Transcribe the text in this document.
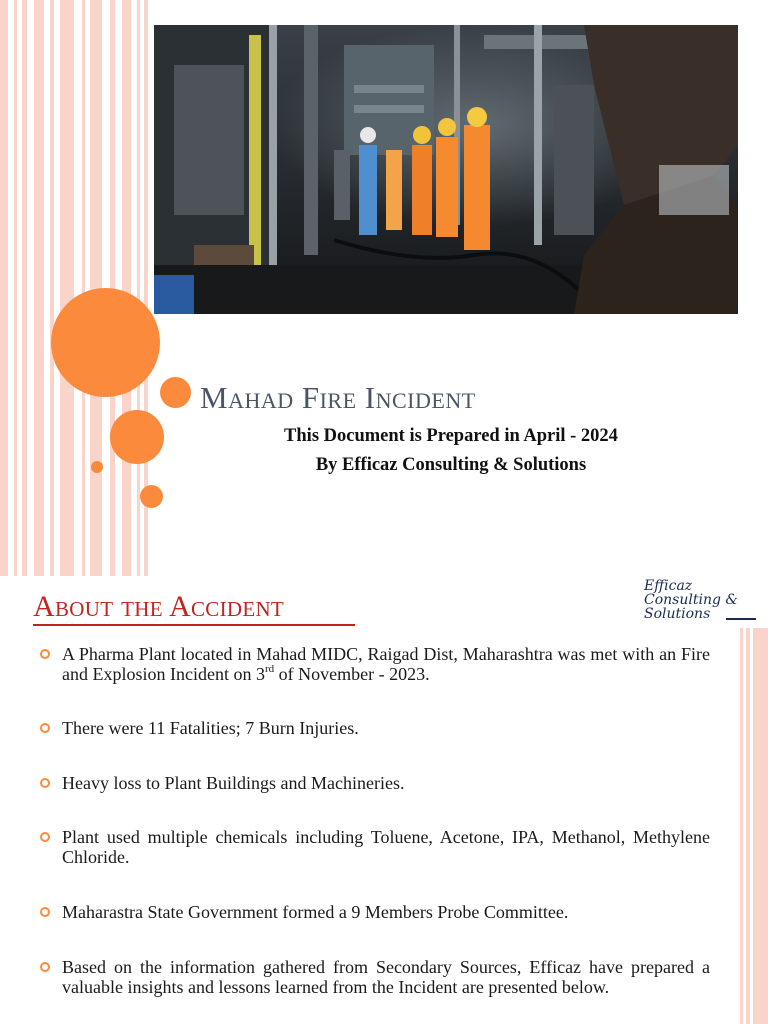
Mahad Fire Incident
This Document is Prepared in April - 2024
By Efficaz Consulting & Solutions
About the Accident
Efficaz
Consulting &
Solutions
A Pharma Plant located in Mahad MIDC, Raigad Dist, Maharashtra was met with an Fire and Explosion Incident on 3rd of November - 2023.
There were 11 Fatalities; 7 Burn Injuries.
Heavy loss to Plant Buildings and Machineries.
Plant used multiple chemicals including Toluene, Acetone, IPA, Methanol, Methylene Chloride.
Maharastra State Government formed a 9 Members Probe Committee.
Based on the information gathered from Secondary Sources, Efficaz have prepared a valuable insights and lessons learned from the Incident are presented below.
